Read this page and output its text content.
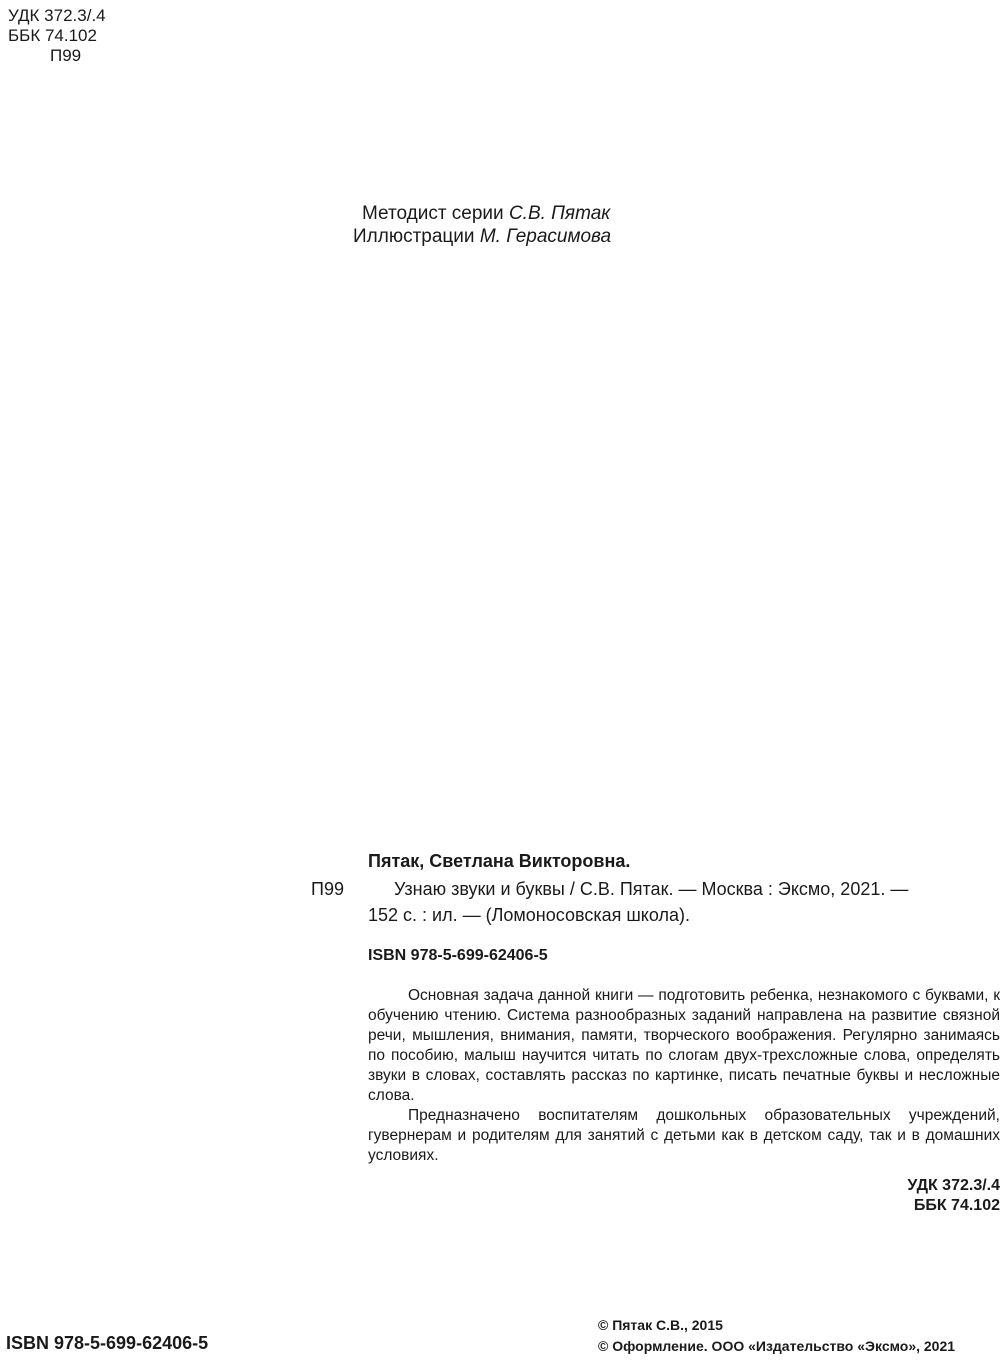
УДК 372.3/.4
ББК 74.102
П99
Методист серии С.В. Пятак
Иллюстрации М. Герасимова
Пятак, Светлана Викторовна.
П99	Узнаю звуки и буквы / С.В. Пятак. — Москва : Эксмо, 2021. —
152 с. : ил. — (Ломоносовская школа).
ISBN 978-5-699-62406-5

Основная задача данной книги — подготовить ребенка, незнакомого с буквами, к обучению чтению. Система разнообразных заданий направлена на развитие связной речи, мышления, внимания, памяти, творческого воображения. Регулярно занимаясь по пособию, малыш научится читать по слогам двух-трехсложные слова, определять звуки в словах, составлять рассказ по картинке, писать печатные буквы и несложные слова.

Предназначено воспитателям дошкольных образовательных учреждений, гувернерам и родителям для занятий с детьми как в детском саду, так и в домашних условиях.

УДК 372.3/.4
ББК 74.102
ISBN 978-5-699-62406-5
© Пятак С.В., 2015
© Оформление. ООО «Издательство «Эксмо», 2021
